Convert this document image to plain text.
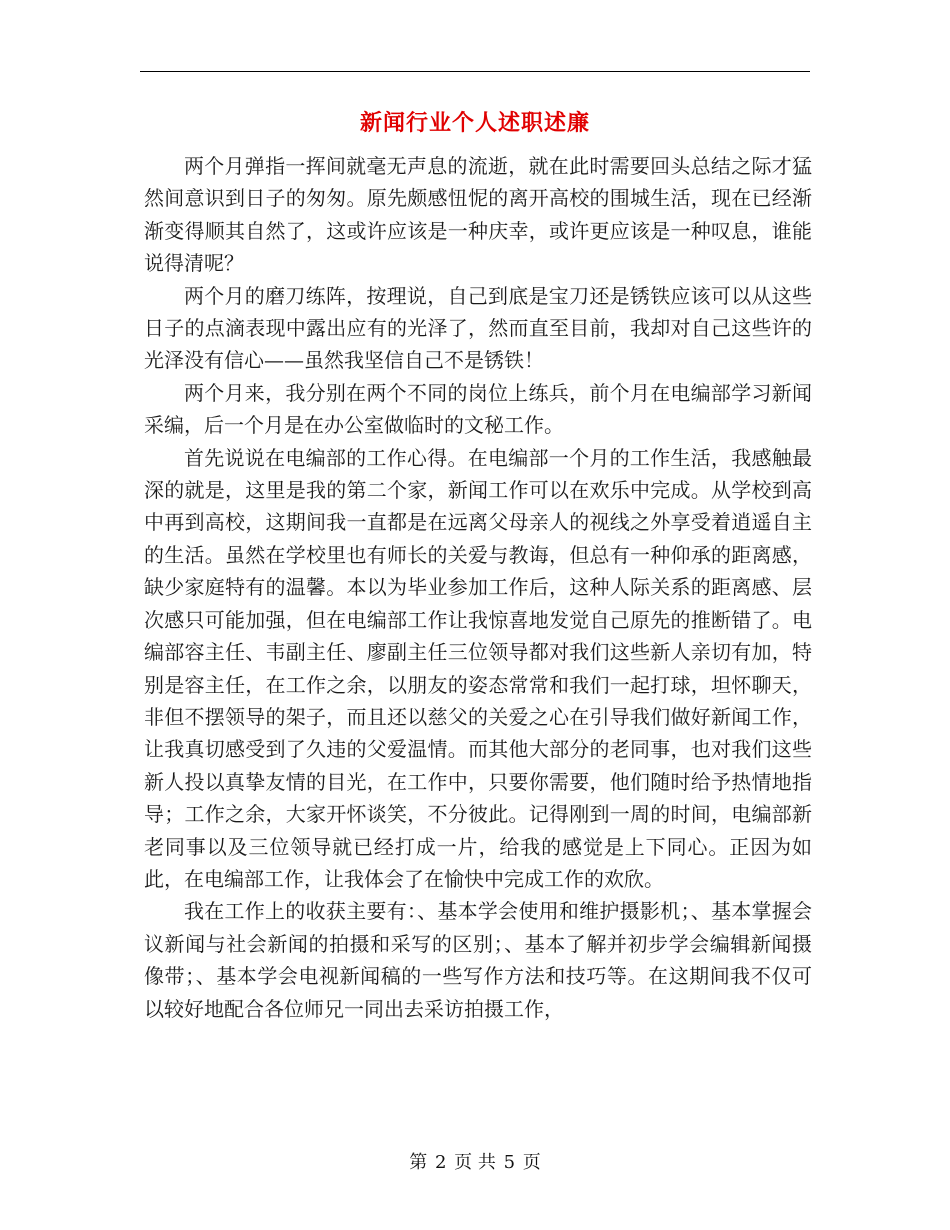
新闻行业个人述职述廉

两个月弹指一挥间就毫无声息的流逝，就在此时需要回头总结之际才猛然间意识到日子的匆匆。原先颇感忸怩的离开高校的围城生活，现在已经渐渐变得顺其自然了，这或许应该是一种庆幸，或许更应该是一种叹息，谁能说得清呢？

两个月的磨刀练阵，按理说，自己到底是宝刀还是锈铁应该可以从这些日子的点滴表现中露出应有的光泽了，然而直至目前，我却对自己这些许的光泽没有信心——虽然我坚信自己不是锈铁！

两个月来，我分别在两个不同的岗位上练兵，前个月在电编部学习新闻采编，后一个月是在办公室做临时的文秘工作。

首先说说在电编部的工作心得。在电编部一个月的工作生活，我感触最深的就是，这里是我的第二个家，新闻工作可以在欢乐中完成。从学校到高中再到高校，这期间我一直都是在远离父母亲人的视线之外享受着逍遥自主的生活。虽然在学校里也有师长的关爱与教诲，但总有一种仰承的距离感，缺少家庭特有的温馨。本以为毕业参加工作后，这种人际关系的距离感、层次感只可能加强，但在电编部工作让我惊喜地发觉自己原先的推断错了。电编部容主任、韦副主任、廖副主任三位领导都对我们这些新人亲切有加，特别是容主任，在工作之余，以朋友的姿态常常和我们一起打球，坦怀聊天，非但不摆领导的架子，而且还以慈父的关爱之心在引导我们做好新闻工作，让我真切感受到了久违的父爱温情。而其他大部分的老同事，也对我们这些新人投以真挚友情的目光，在工作中，只要你需要，他们随时给予热情地指导；工作之余，大家开怀谈笑，不分彼此。记得刚到一周的时间，电编部新老同事以及三位领导就已经打成一片，给我的感觉是上下同心。正因为如此，在电编部工作，让我体会了在愉快中完成工作的欢欣。

我在工作上的收获主要有：、基本学会使用和维护摄影机；、基本掌握会议新闻与社会新闻的拍摄和采写的区别；、基本了解并初步学会编辑新闻摄像带；、基本学会电视新闻稿的一些写作方法和技巧等。在这期间我不仅可以较好地配合各位师兄一同出去采访拍摄工作，

第 2 页 共 5 页
